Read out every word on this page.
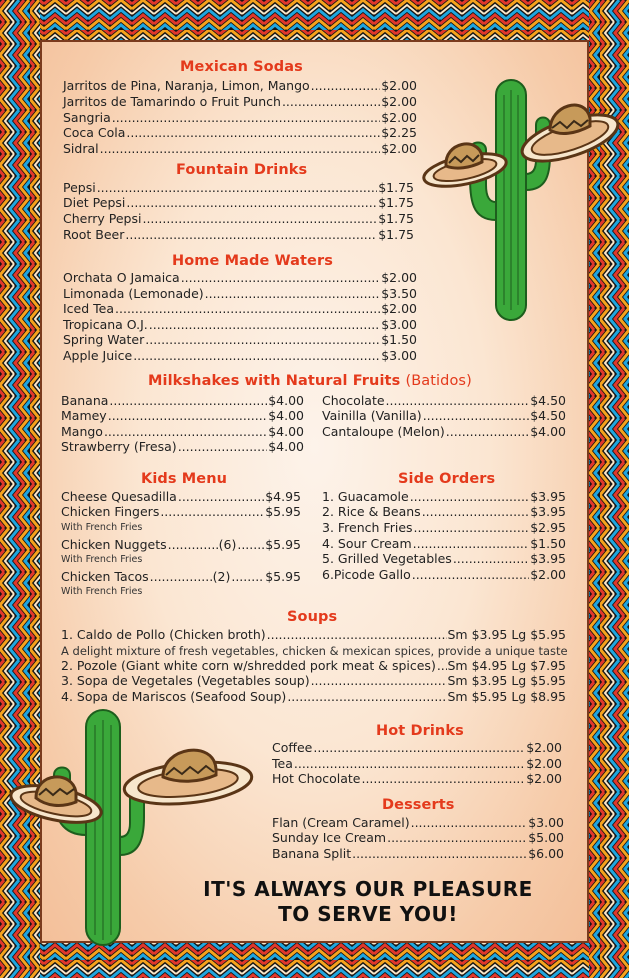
Mexican Sodas
Jarritos de Pina, Naranja, Limon, Mango .....	$2.00
Jarritos de Tamarindo o Fruit Punch .....	$2.00
Sangria .....	$2.00
Coca Cola .....	$2.25
Sidral .....	$2.00
Fountain Drinks
Pepsi .....	$1.75
Diet Pepsi .....	$1.75
Cherry Pepsi .....	$1.75
Root Beer .....	$1.75
Home Made Waters
Orchata O Jamaica .....	$2.00
Limonada (Lemonade) .....	$3.50
Iced Tea .....	$2.00
Tropicana O.J. .....	$3.00
Spring Water .....	$1.50
Apple Juice .....	$3.00
Milkshakes with Natural Fruits (Batidos)
Banana .....	$4.00
Mamey .....	$4.00
Mango .....	$4.00
Strawberry (Fresa) .....	$4.00
Chocolate .....	$4.50
Vainilla (Vanilla) .....	$4.50
Cantaloupe (Melon) .....	$4.00
Kids Menu
Cheese Quesadilla .....	$4.95
Chicken Fingers .....	$5.95
With French Fries
Chicken Nuggets .....	(6) ..... $5.95
With French Fries
Chicken Tacos .....	(2) .....	$5.95
With French Fries
Side Orders
1. Guacamole .....	$3.95
2. Rice & Beans .....	$3.95
3. French Fries .....	$2.95
4. Sour Cream .....	$1.50
5. Grilled Vegetables .....	$3.95
6.Picode Gallo .....	$2.00
Soups
1. Caldo de Pollo (Chicken broth) .....	Sm $3.95 Lg $5.95
A delight mixture of fresh vegetables, chicken & mexican spices, provide a unique taste
2. Pozole (Giant white corn w/shredded pork meat & spices) ..... Sm $4.95 Lg $7.95
3. Sopa de Vegetales (Vegetables soup) .....	Sm $3.95 Lg $5.95
4. Sopa de Mariscos (Seafood Soup) .....	Sm $5.95 Lg $8.95
Hot Drinks
Coffee .....	$2.00
Tea .....	$2.00
Hot Chocolate .....	$2.00
Desserts
Flan (Cream Caramel) .....	$3.00
Sunday Ice Cream .....	$5.00
Banana Split .....	$6.00
IT'S ALWAYS OUR PLEASURE
TO SERVE YOU!
